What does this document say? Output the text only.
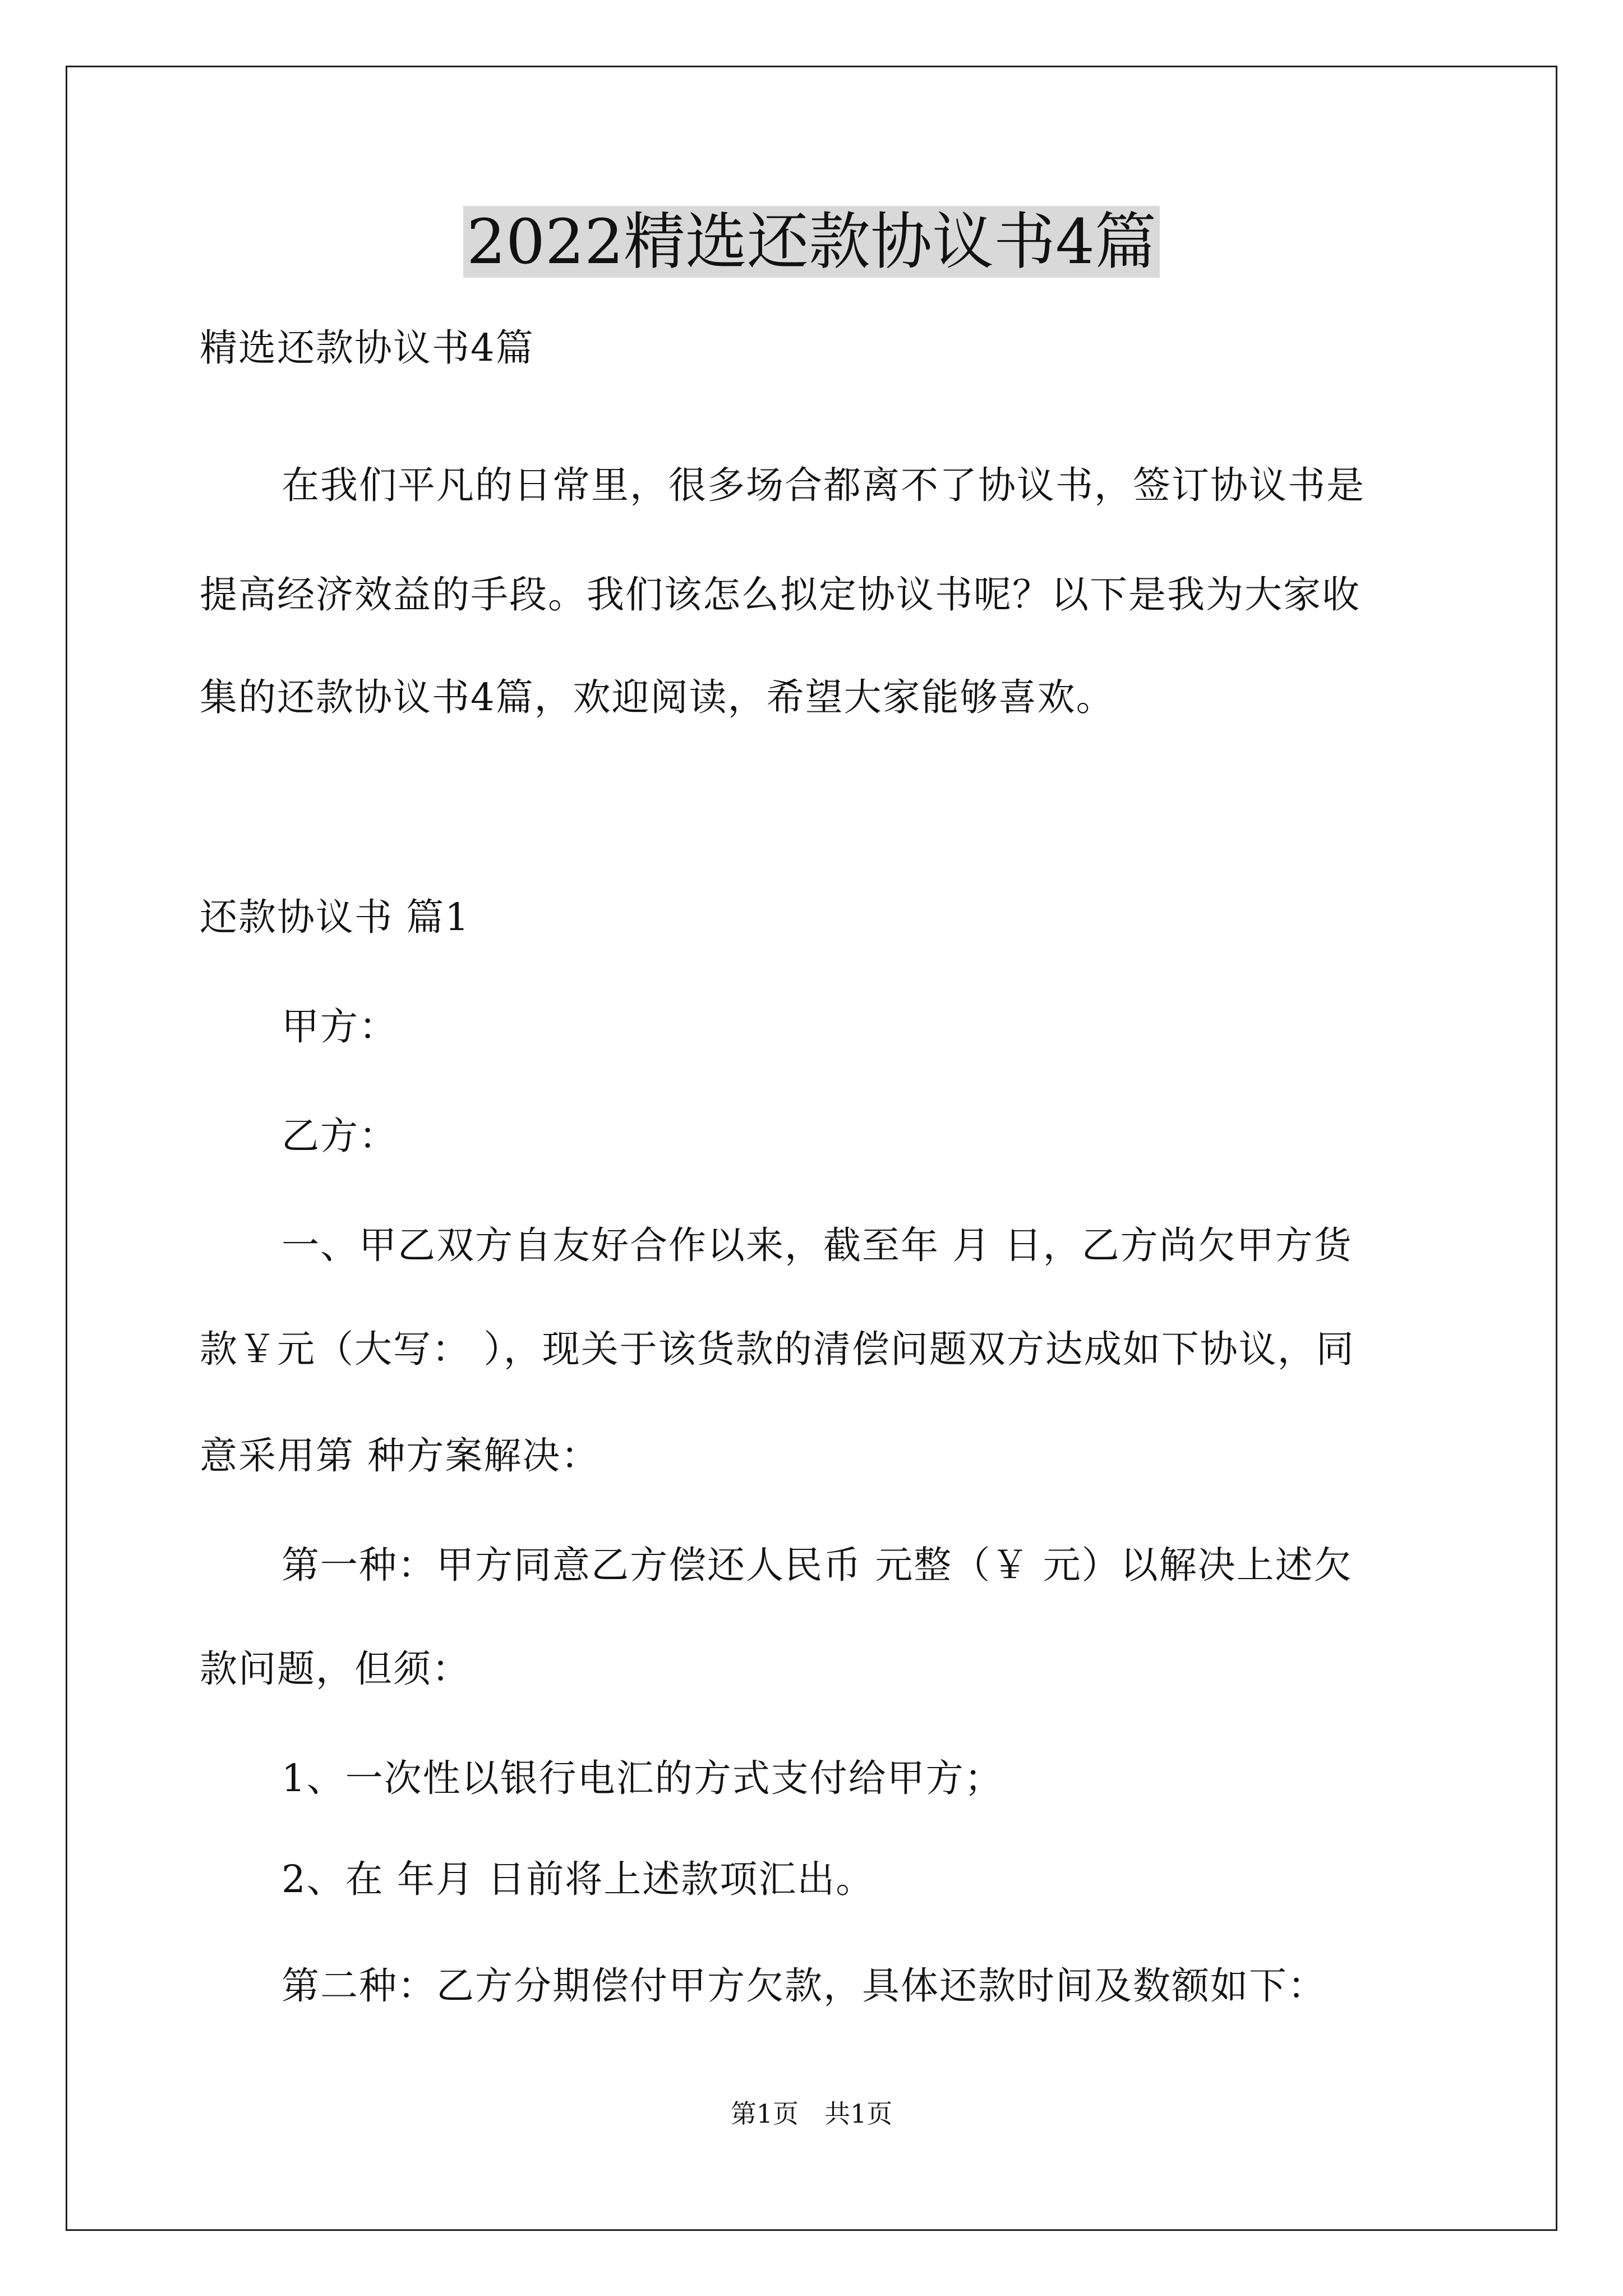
2022精选还款协议书4篇

精选还款协议书4篇

在我们平凡的日常里，很多场合都离不了协议书，签订协议书是

提高经济效益的手段。我们该怎么拟定协议书呢？以下是我为大家收

集的还款协议书4篇，欢迎阅读，希望大家能够喜欢。

还款协议书 篇1

甲方：

乙方：

一、甲乙双方自友好合作以来，截至年 月 日，乙方尚欠甲方货

款￥元（大写： ），现关于该货款的清偿问题双方达成如下协议，同

意采用第 种方案解决：

第一种：甲方同意乙方偿还人民币 元整（￥ 元）以解决上述欠

款问题，但须：

1、一次性以银行电汇的方式支付给甲方；

2、在 年月 日前将上述款项汇出。

第二种：乙方分期偿付甲方欠款，具体还款时间及数额如下：

第1页　共1页
